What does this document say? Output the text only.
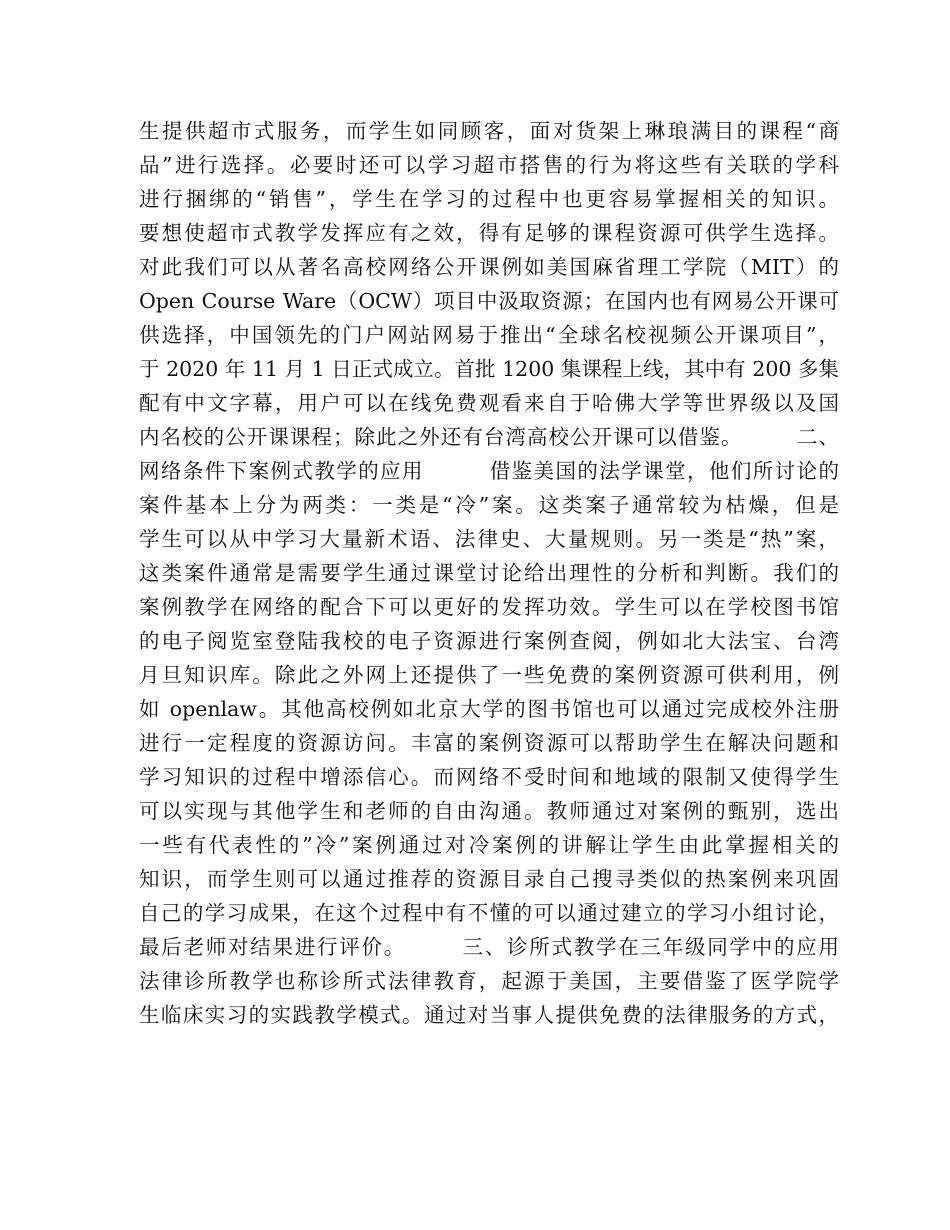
生提供超市式服务，而学生如同顾客，面对货架上琳琅满目的课程“商
品”进行选择。必要时还可以学习超市搭售的行为将这些有关联的学科
进行捆绑的“销售”，学生在学习的过程中也更容易掌握相关的知识。
要想使超市式教学发挥应有之效，得有足够的课程资源可供学生选择。
对此我们可以从著名高校网络公开课例如美国麻省理工学院（MIT）的
Open Course Ware（OCW）项目中汲取资源；在国内也有网易公开课可
供选择，中国领先的门户网站网易于推出“全球名校视频公开课项目”，
于 2020 年 11 月 1 日正式成立。首批 1200 集课程上线，其中有 200 多集
配有中文字幕，用户可以在线免费观看来自于哈佛大学等世界级以及国
内名校的公开课课程；除此之外还有台湾高校公开课可以借鉴。　　　二、
网络条件下案例式教学的应用　　　借鉴美国的法学课堂，他们所讨论的
案件基本上分为两类：一类是“冷”案。这类案子通常较为枯燥，但是
学生可以从中学习大量新术语、法律史、大量规则。另一类是“热”案，
这类案件通常是需要学生通过课堂讨论给出理性的分析和判断。我们的
案例教学在网络的配合下可以更好的发挥功效。学生可以在学校图书馆
的电子阅览室登陆我校的电子资源进行案例查阅，例如北大法宝、台湾
月旦知识库。除此之外网上还提供了一些免费的案例资源可供利用，例
如 openlaw。其他高校例如北京大学的图书馆也可以通过完成校外注册
进行一定程度的资源访问。丰富的案例资源可以帮助学生在解决问题和
学习知识的过程中增添信心。而网络不受时间和地域的限制又使得学生
可以实现与其他学生和老师的自由沟通。教师通过对案例的甄别，选出
一些有代表性的”冷”案例通过对冷案例的讲解让学生由此掌握相关的
知识，而学生则可以通过推荐的资源目录自己搜寻类似的热案例来巩固
自己的学习成果，在这个过程中有不懂的可以通过建立的学习小组讨论，
最后老师对结果进行评价。　　　三、诊所式教学在三年级同学中的应用
法律诊所教学也称诊所式法律教育，起源于美国，主要借鉴了医学院学
生临床实习的实践教学模式。通过对当事人提供免费的法律服务的方式，
